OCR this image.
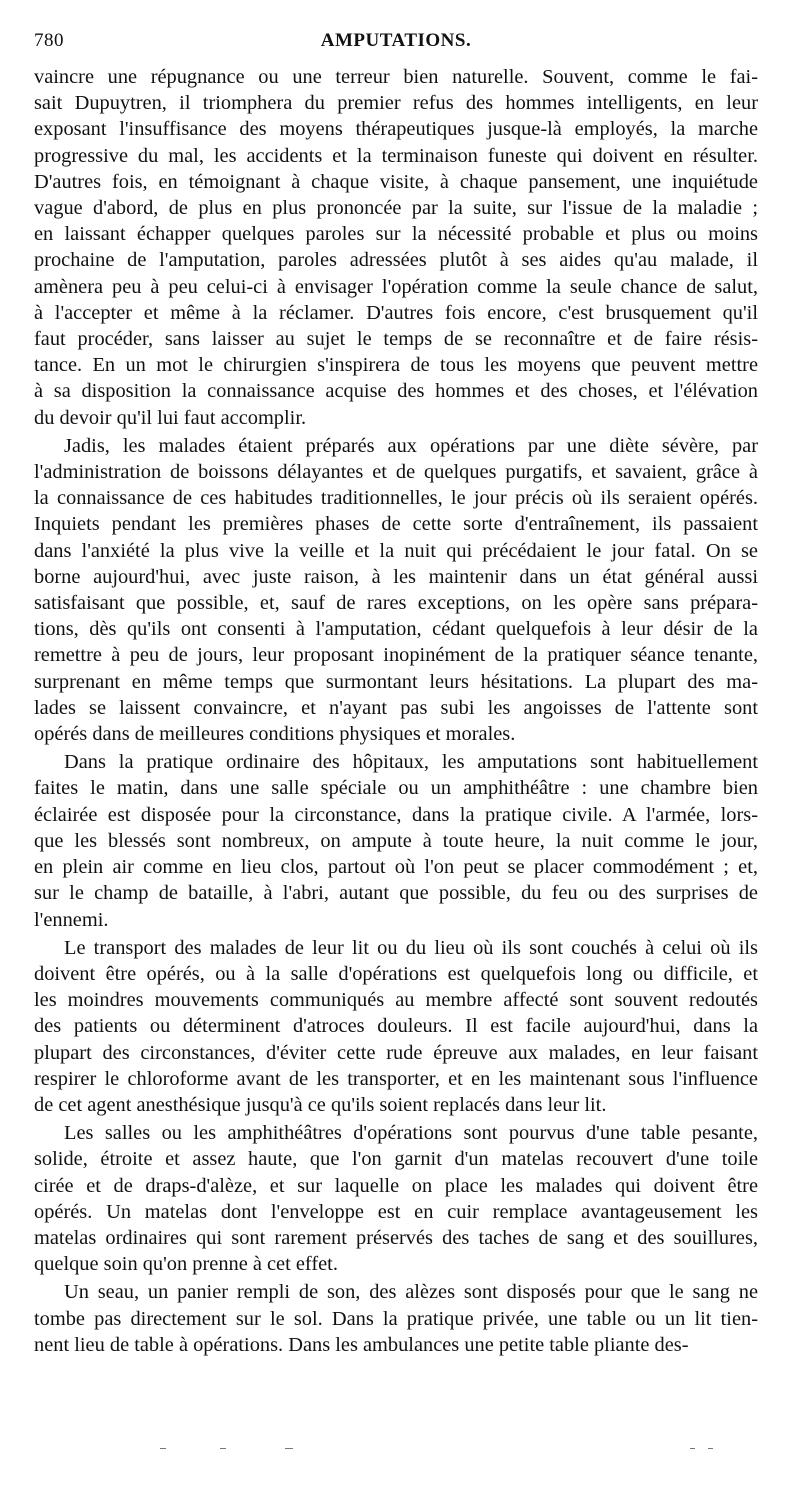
780	AMPUTATIONS.
vaincre une répugnance ou une terreur bien naturelle. Souvent, comme le fai-
sait Dupuytren, il triomphera du premier refus des hommes intelligents, en leur
exposant l'insuffisance des moyens thérapeutiques jusque-là employés, la marche
progressive du mal, les accidents et la terminaison funeste qui doivent en résulter.
D'autres fois, en témoignant à chaque visite, à chaque pansement, une inquiétude
vague d'abord, de plus en plus prononcée par la suite, sur l'issue de la maladie ;
en laissant échapper quelques paroles sur la nécessité probable et plus ou moins
prochaine de l'amputation, paroles adressées plutôt à ses aides qu'au malade, il
amènera peu à peu celui-ci à envisager l'opération comme la seule chance de salut,
à l'accepter et même à la réclamer. D'autres fois encore, c'est brusquement qu'il
faut procéder, sans laisser au sujet le temps de se reconnaître et de faire résis-
tance. En un mot le chirurgien s'inspirera de tous les moyens que peuvent mettre
à sa disposition la connaissance acquise des hommes et des choses, et l'élévation
du devoir qu'il lui faut accomplir.
Jadis, les malades étaient préparés aux opérations par une diète sévère, par
l'administration de boissons délayantes et de quelques purgatifs, et savaient, grâce à
la connaissance de ces habitudes traditionnelles, le jour précis où ils seraient opérés.
Inquiets pendant les premières phases de cette sorte d'entraînement, ils passaient
dans l'anxiété la plus vive la veille et la nuit qui précédaient le jour fatal. On se
borne aujourd'hui, avec juste raison, à les maintenir dans un état général aussi
satisfaisant que possible, et, sauf de rares exceptions, on les opère sans prépara-
tions, dès qu'ils ont consenti à l'amputation, cédant quelquefois à leur désir de la
remettre à peu de jours, leur proposant inopinément de la pratiquer séance tenante,
surprenant en même temps que surmontant leurs hésitations. La plupart des ma-
lades se laissent convaincre, et n'ayant pas subi les angoisses de l'attente sont
opérés dans de meilleures conditions physiques et morales.
Dans la pratique ordinaire des hôpitaux, les amputations sont habituellement
faites le matin, dans une salle spéciale ou un amphithéâtre : une chambre bien
éclairée est disposée pour la circonstance, dans la pratique civile. A l'armée, lors-
que les blessés sont nombreux, on ampute à toute heure, la nuit comme le jour,
en plein air comme en lieu clos, partout où l'on peut se placer commodément ; et,
sur le champ de bataille, à l'abri, autant que possible, du feu ou des surprises de
l'ennemi.
Le transport des malades de leur lit ou du lieu où ils sont couchés à celui où ils
doivent être opérés, ou à la salle d'opérations est quelquefois long ou difficile, et
les moindres mouvements communiqués au membre affecté sont souvent redoutés
des patients ou déterminent d'atroces douleurs. Il est facile aujourd'hui, dans la
plupart des circonstances, d'éviter cette rude épreuve aux malades, en leur faisant
respirer le chloroforme avant de les transporter, et en les maintenant sous l'influence
de cet agent anesthésique jusqu'à ce qu'ils soient replacés dans leur lit.
Les salles ou les amphithéâtres d'opérations sont pourvus d'une table pesante,
solide, étroite et assez haute, que l'on garnit d'un matelas recouvert d'une toile
cirée et de draps-d'alèze, et sur laquelle on place les malades qui doivent être
opérés. Un matelas dont l'enveloppe est en cuir remplace avantageusement les
matelas ordinaires qui sont rarement préservés des taches de sang et des souillures,
quelque soin qu'on prenne à cet effet.
Un seau, un panier rempli de son, des alèzes sont disposés pour que le sang ne
tombe pas directement sur le sol. Dans la pratique privée, une table ou un lit tien-
nent lieu de table à opérations. Dans les ambulances une petite table pliante des-
